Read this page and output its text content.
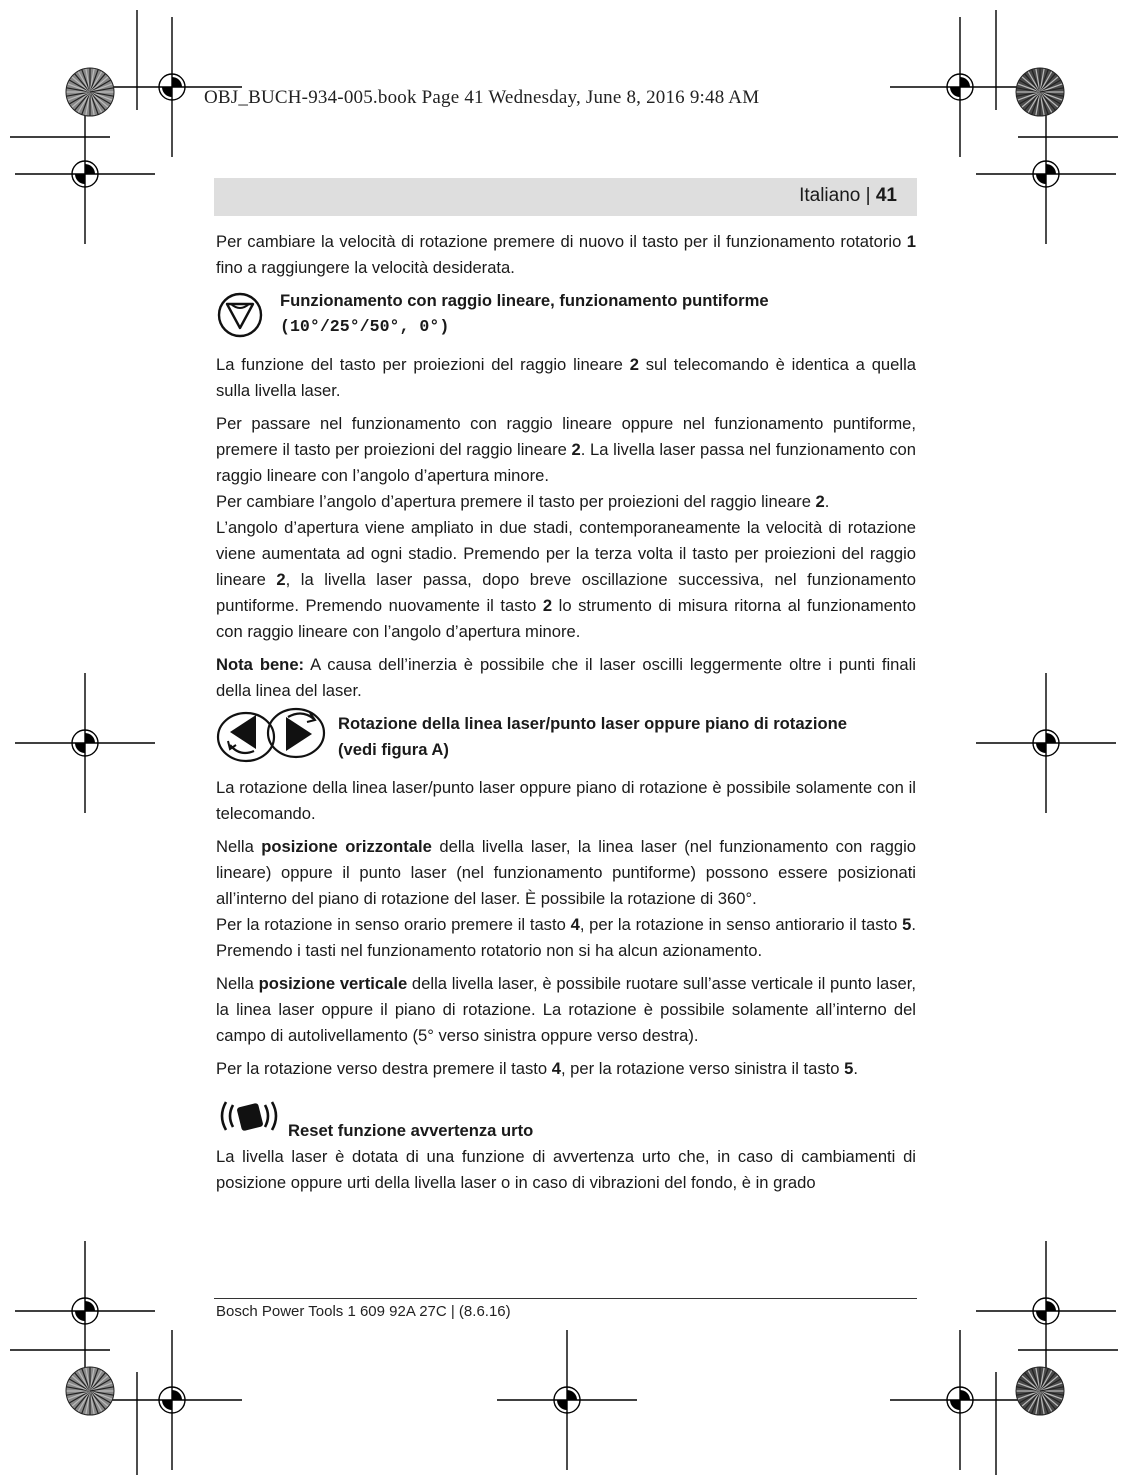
OBJ_BUCH-934-005.book Page 41 Wednesday, June 8, 2016 9:48 AM
Italiano | 41

Per cambiare la velocità di rotazione premere di nuovo il tasto per il funzionamento rotatorio 1 fino a raggiungere la velocità desiderata.

Funzionamento con raggio lineare, funzionamento puntiforme
(10°/25°/50°, 0°)

La funzione del tasto per proiezioni del raggio lineare 2 sul telecomando è identica a quella sulla livella laser.

Per passare nel funzionamento con raggio lineare oppure nel funzionamento puntiforme, premere il tasto per proiezioni del raggio lineare 2. La livella laser passa nel funzionamento con raggio lineare con l’angolo d’apertura minore.

Per cambiare l’angolo d’apertura premere il tasto per proiezioni del raggio lineare 2.

L’angolo d’apertura viene ampliato in due stadi, contemporaneamente la velocità di rotazione viene aumentata ad ogni stadio. Premendo per la terza volta il tasto per proiezioni del raggio lineare 2, la livella laser passa, dopo breve oscillazione successiva, nel funzionamento puntiforme. Premendo nuovamente il tasto 2 lo strumento di misura ritorna al funzionamento con raggio lineare con l’angolo d’apertura minore.

Nota bene: A causa dell’inerzia è possibile che il laser oscilli leggermente oltre i punti finali della linea del laser.

Rotazione della linea laser/punto laser oppure piano di rotazione
(vedi figura A)

La rotazione della linea laser/punto laser oppure piano di rotazione è possibile solamente con il telecomando.

Nella posizione orizzontale della livella laser, la linea laser (nel funzionamento con raggio lineare) oppure il punto laser (nel funzionamento puntiforme) possono essere posizionati all’interno del piano di rotazione del laser. È possibile la rotazione di 360°.

Per la rotazione in senso orario premere il tasto 4, per la rotazione in senso antiorario il tasto 5. Premendo i tasti nel funzionamento rotatorio non si ha alcun azionamento.

Nella posizione verticale della livella laser, è possibile ruotare sull’asse verticale il punto laser, la linea laser oppure il piano di rotazione. La rotazione è possibile solamente all’interno del campo di autolivellamento (5° verso sinistra oppure verso destra).

Per la rotazione verso destra premere il tasto 4, per la rotazione verso sinistra il tasto 5.

Reset funzione avvertenza urto

La livella laser è dotata di una funzione di avvertenza urto che, in caso di cambiamenti di posizione oppure urti della livella laser o in caso di vibrazioni del fondo, è in grado

Bosch Power Tools 1 609 92A 27C | (8.6.16)
